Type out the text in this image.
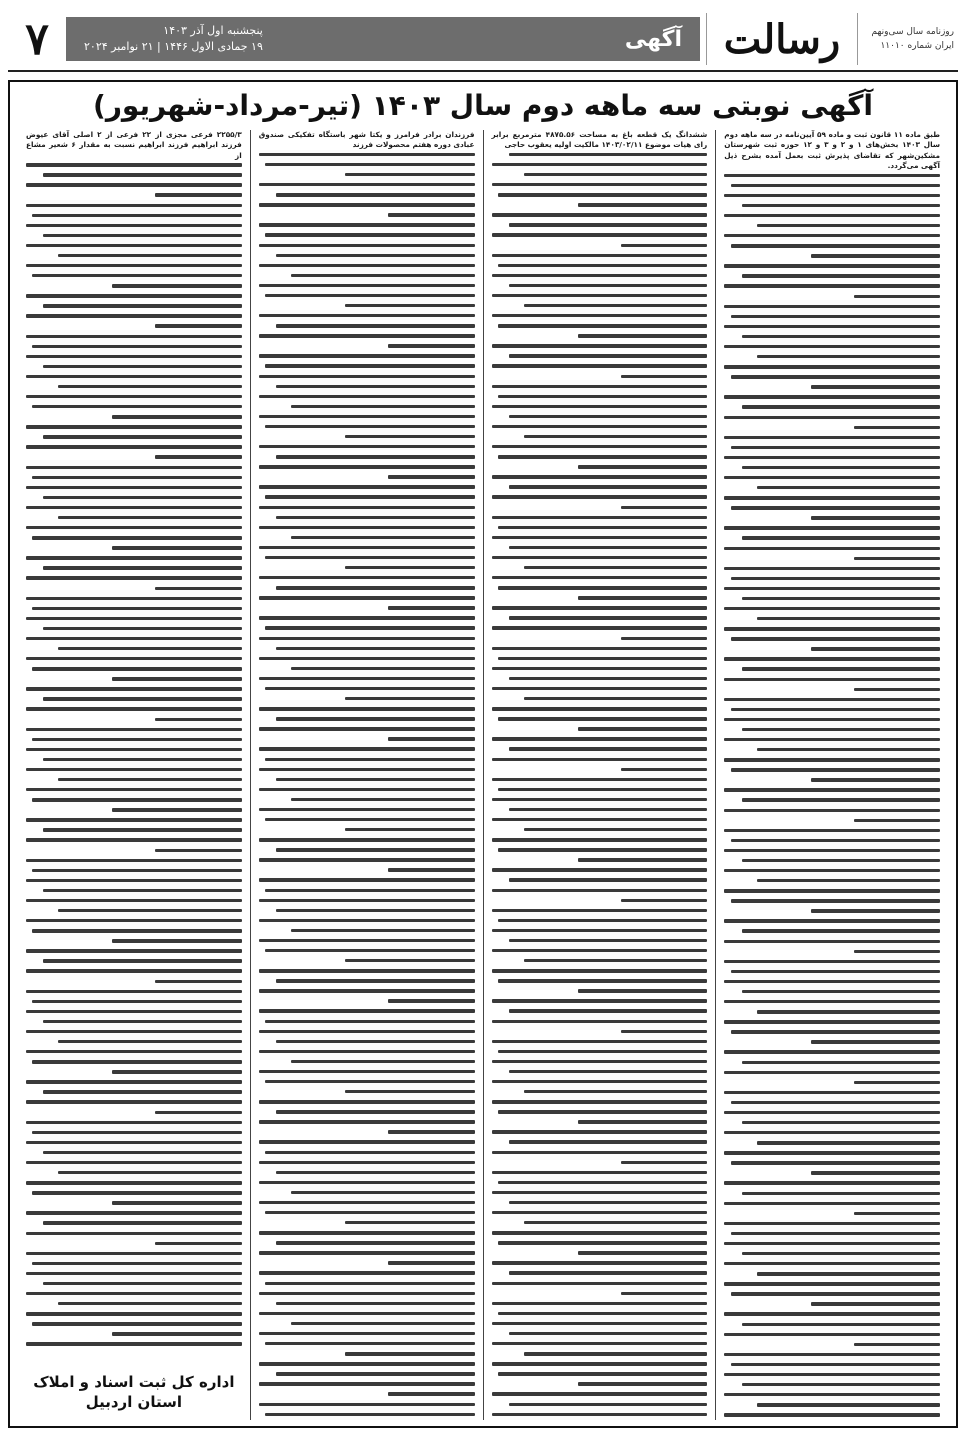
روزنامه سال سی‌ونهم
ایران شماره ۱۱۰۱۰
رسالت
آگهی
پنجشنبه اول آذر ۱۴۰۳
۱۹ جمادی الاول ۱۴۴۶ | ۲۱ نوامبر ۲۰۲۴
۷
آگهی نوبتی سه ماهه دوم سال ۱۴۰۳ (تیر-مرداد-شهریور)
طبق ماده ۱۱ قانون ثبت و ماده ۵۹ آیین‌نامه در سه ماهه دوم سال ۱۴۰۳ بخش‌های ۱ و ۲ و ۳ و ۱۲ حوزه ثبت شهرستان مشکین‌شهر که تقاضای پذیرش ثبت بعمل آمده بشرح ذیل آگهی می‌گردد.
ششدانگ یک قطعه باغ به مساحت ۴۸۷۵.۵۶ مترمربع برابر رای هیات موضوع ۱۴۰۳/۰۲/۱۱ مالکیت اولیه یعقوب حاجی
فرزندان برادر فرامرز و یکتا شهر باستگاه تفکیکی صندوق عبادی دوره هفتم محصولات فرزند
۲۲۵۵/۳ فرعی مجزی از ۲۲ فرعی از ۲ اصلی آقای عیوض فرزند ابراهیم فرزند ابراهیم نسبت به مقدار ۶ شعیر مشاع از
اداره کل ثبت اسناد و املاک
استان اردبیل
